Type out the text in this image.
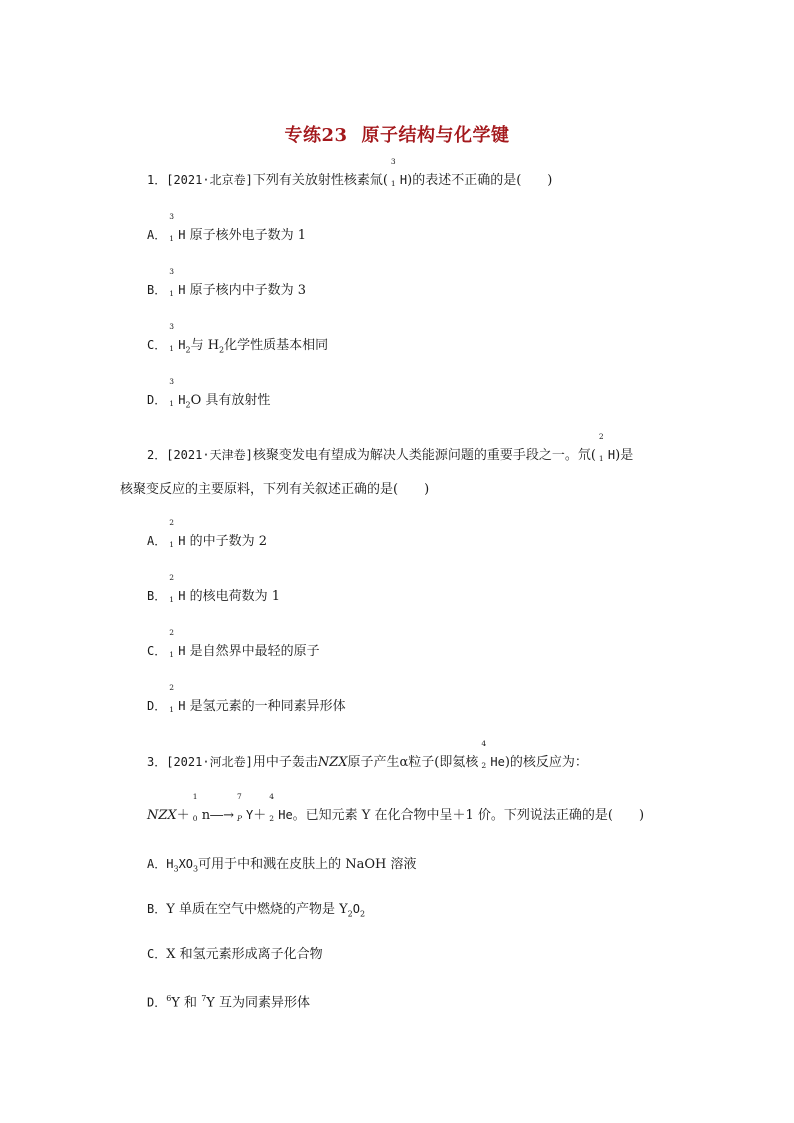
专练23 原子结构与化学键
1．[2021·北京卷]下列有关放射性核素氚(
3
1 H)的表述不正确的是(　　)
A．
3
1 H 原子核外电子数为 1
B．
3
1 H 原子核内中子数为 3
C．
3
1 $H_2$与 $H_2$化学性质基本相同
D．
3
1 $H_2O$ 具有放射性
2．[2021·天津卷]核聚变发电有望成为解决人类能源问题的重要手段之一。氘(
2
1 H)是
核聚变反应的主要原料，下列有关叙述正确的是(　　)
A．
2
1 H 的中子数为 2
B．
2
1 H 的核电荷数为 1
C．
2
1 H 是自然界中最轻的原子
D．
2
1 H 是氢元素的一种同素异形体
3．[2021·河北卷]用中子轰击NZX原子产生α粒子(即氦核
4
2 He)的核反应为：
NZX＋
1
0 n―→
7
P Y＋
4
2 He。已知元素 Y 在化合物中呈＋1 价。下列说法正确的是(　　)
A．$H_3XO_3$可用于中和溅在皮肤上的 NaOH 溶液
B．Y 单质在空气中燃烧的产物是 $Y_2O_2$
C．X 和氢元素形成离子化合物
D．$^6$Y 和 $^7$Y 互为同素异形体
